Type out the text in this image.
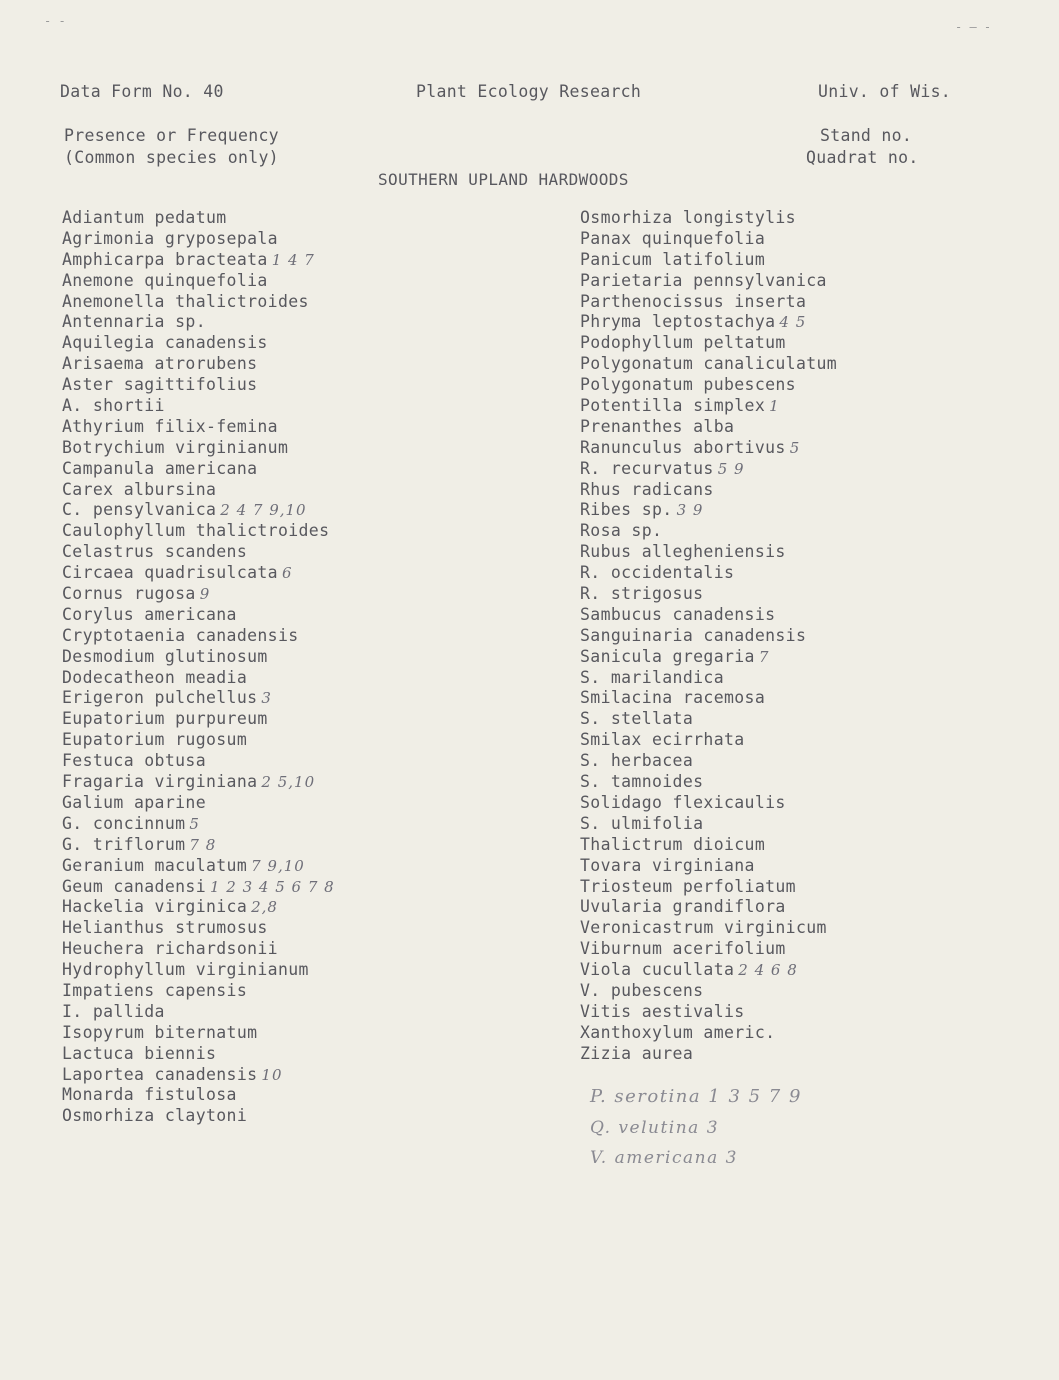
- -	- — -
Data Form No. 40	Plant Ecology Research	Univ. of Wis.
Presence or Frequency
(Common species only)
Stand no.
Quadrat no.
SOUTHERN UPLAND HARDWOODS
Adiantum pedatum
Agrimonia gryposepala
Amphicarpa bracteata 1 4 7
Anemone quinquefolia
Anemonella thalictroides
Antennaria sp.
Aquilegia canadensis
Arisaema atrorubens
Aster sagittifolius
A. shortii
Athyrium filix-femina
Botrychium virginianum
Campanula americana
Carex albursina
C. pensylvanica 2 4 7 9,10
Caulophyllum thalictroides
Celastrus scandens
Circaea quadrisulcata 6
Cornus rugosa 9
Corylus americana
Cryptotaenia canadensis
Desmodium glutinosum
Dodecatheon meadia
Erigeron pulchellus 3
Eupatorium purpureum
Eupatorium rugosum
Festuca obtusa
Fragaria virginiana 2 5,10
Galium aparine
G. concinnum 5
G. triflorum 7 8
Geranium maculatum 7 9,10
Geum canadensi 1 2 3 4 5 6 7 8
Hackelia virginica 2,8
Helianthus strumosus
Heuchera richardsonii
Hydrophyllum virginianum
Impatiens capensis
I. pallida
Isopyrum biternatum
Lactuca biennis
Laportea canadensis 10
Monarda fistulosa
Osmorhiza claytoni
Osmorhiza longistylis
Panax quinquefolia
Panicum latifolium
Parietaria pennsylvanica
Parthenocissus inserta
Phryma leptostachya 4 5
Podophyllum peltatum
Polygonatum canaliculatum
Polygonatum pubescens
Potentilla simplex 1
Prenanthes alba
Ranunculus abortivus 5
R. recurvatus 5 9
Rhus radicans
Ribes sp. 3 9
Rosa sp.
Rubus allegheniensis
R. occidentalis
R. strigosus
Sambucus canadensis
Sanguinaria canadensis
Sanicula gregaria 7
S. marilandica
Smilacina racemosa
S. stellata
Smilax ecirrhata
S. herbacea
S. tamnoides
Solidago flexicaulis
S. ulmifolia
Thalictrum dioicum
Tovara virginiana
Triosteum perfoliatum
Uvularia grandiflora
Veronicastrum virginicum
Viburnum acerifolium
Viola cucullata 2 4 6 8
V. pubescens
Vitis aestivalis
Xanthoxylum americ.
Zizia aurea
P. serotina 1 3 5 7 9
Q. velutina 3
V. americana 3
